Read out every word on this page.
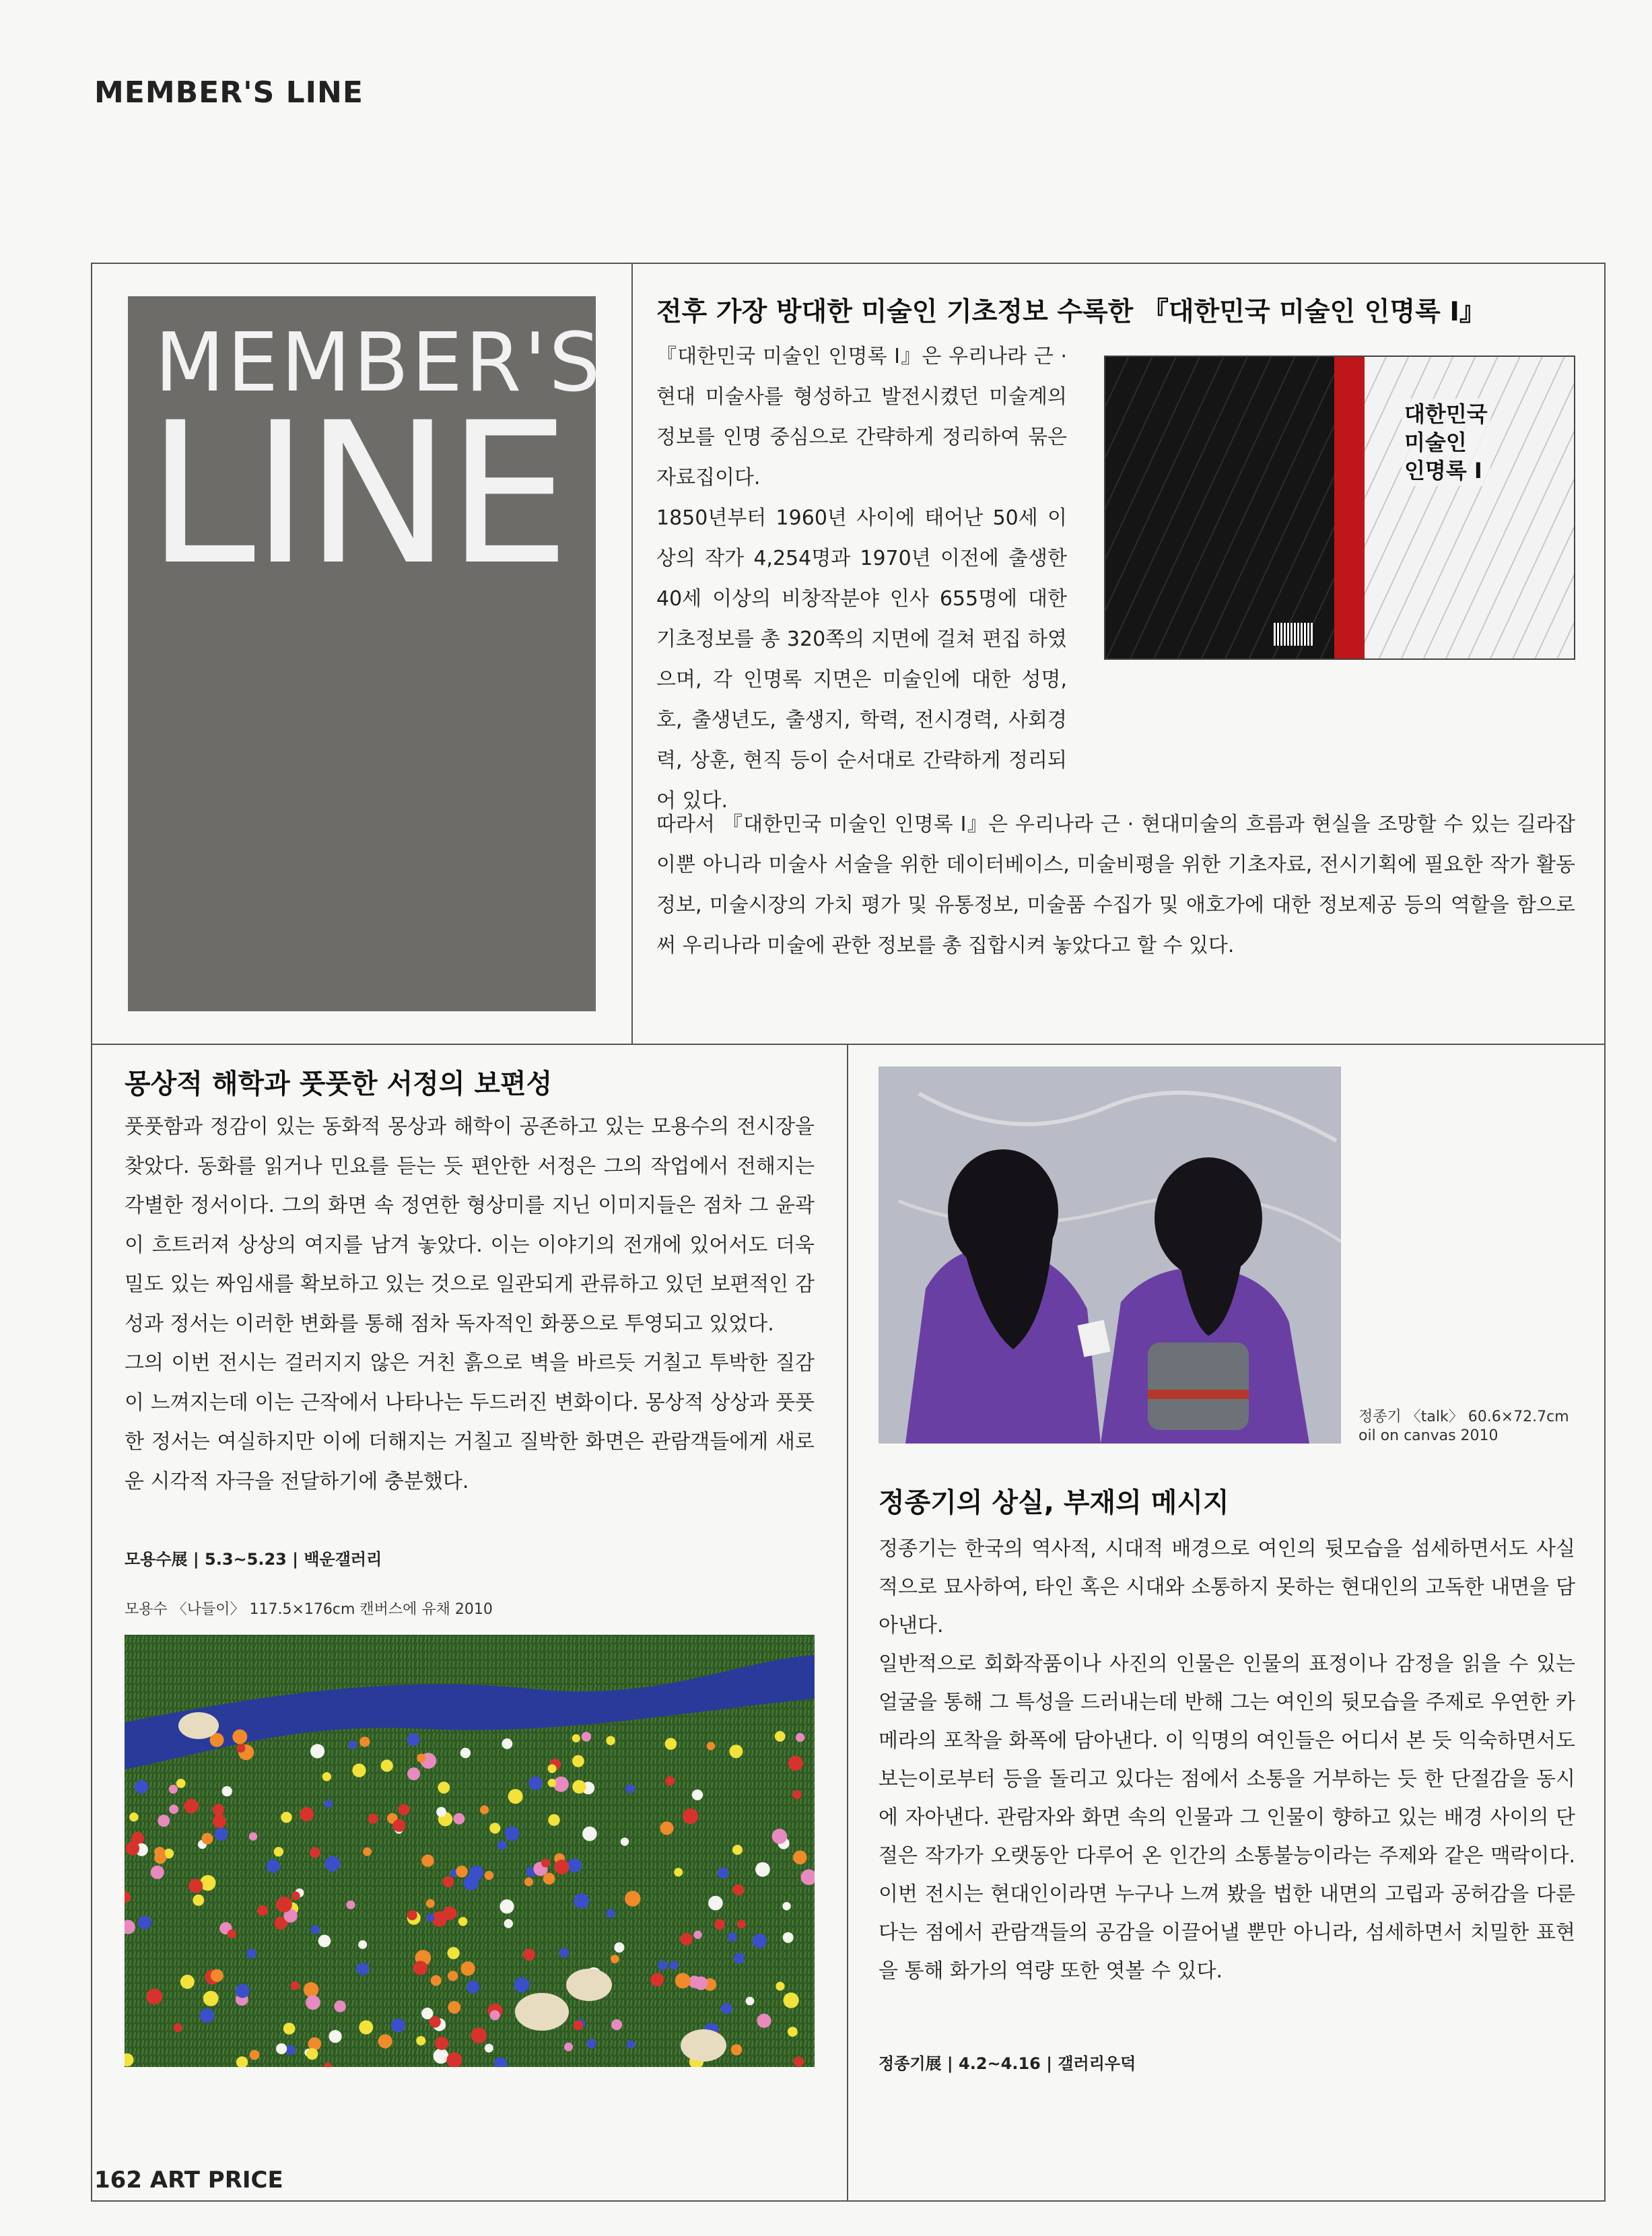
MEMBER'S LINE
MEMBER'S
LINE
전후 가장 방대한 미술인 기초정보 수록한 『대한민국 미술인 인명록 Ⅰ』

『대한민국 미술인 인명록 Ⅰ』은 우리나라 근 · 현대 미술사를 형성하고 발전시켰던 미술계의 정보를 인명 중심으로 간략하게 정리하여 묶은 자료집이다.

1850년부터 1960년 사이에 태어난 50세 이상의 작가 4,254명과 1970년 이전에 출생한 40세 이상의 비창작분야 인사 655명에 대한 기초정보를 총 320쪽의 지면에 걸쳐 편집 하였으며, 각 인명록 지면은 미술인에 대한 성명, 호, 출생년도, 출생지, 학력, 전시경력, 사회경력, 상훈, 현직 등이 순서대로 간략하게 정리되어 있다.

따라서 『대한민국 미술인 인명록 Ⅰ』은 우리나라 근 · 현대미술의 흐름과 현실을 조망할 수 있는 길라잡이뿐 아니라 미술사 서술을 위한 데이터베이스, 미술비평을 위한 기초자료, 전시기획에 필요한 작가 활동정보, 미술시장의 가치 평가 및 유통정보, 미술품 수집가 및 애호가에 대한 정보제공 등의 역할을 함으로써 우리나라 미술에 관한 정보를 총 집합시켜 놓았다고 할 수 있다.

대한민국
미술인
인명록 Ⅰ
몽상적 해학과 풋풋한 서정의 보편성

풋풋함과 정감이 있는 동화적 몽상과 해학이 공존하고 있는 모용수의 전시장을 찾았다. 동화를 읽거나 민요를 듣는 듯 편안한 서정은 그의 작업에서 전해지는 각별한 정서이다. 그의 화면 속 정연한 형상미를 지닌 이미지들은 점차 그 윤곽이 흐트러져 상상의 여지를 남겨 놓았다. 이는 이야기의 전개에 있어서도 더욱 밀도 있는 짜임새를 확보하고 있는 것으로 일관되게 관류하고 있던 보편적인 감성과 정서는 이러한 변화를 통해 점차 독자적인 화풍으로 투영되고 있었다.

그의 이번 전시는 걸러지지 않은 거친 흙으로 벽을 바르듯 거칠고 투박한 질감이 느껴지는데 이는 근작에서 나타나는 두드러진 변화이다. 몽상적 상상과 풋풋한 정서는 여실하지만 이에 더해지는 거칠고 질박한 화면은 관람객들에게 새로운 시각적 자극을 전달하기에 충분했다.

모용수展 | 5.3~5.23 | 백운갤러리
모용수 〈나들이〉 117.5×176cm 캔버스에 유채 2010
정종기 〈talk〉 60.6×72.7cm
oil on canvas 2010
정종기의 상실, 부재의 메시지

정종기는 한국의 역사적, 시대적 배경으로 여인의 뒷모습을 섬세하면서도 사실적으로 묘사하여, 타인 혹은 시대와 소통하지 못하는 현대인의 고독한 내면을 담아낸다.

일반적으로 회화작품이나 사진의 인물은 인물의 표정이나 감정을 읽을 수 있는 얼굴을 통해 그 특성을 드러내는데 반해 그는 여인의 뒷모습을 주제로 우연한 카메라의 포착을 화폭에 담아낸다. 이 익명의 여인들은 어디서 본 듯 익숙하면서도 보는이로부터 등을 돌리고 있다는 점에서 소통을 거부하는 듯 한 단절감을 동시에 자아낸다. 관람자와 화면 속의 인물과 그 인물이 향하고 있는 배경 사이의 단절은 작가가 오랫동안 다루어 온 인간의 소통불능이라는 주제와 같은 맥락이다. 이번 전시는 현대인이라면 누구나 느껴 봤을 법한 내면의 고립과 공허감을 다룬다는 점에서 관람객들의 공감을 이끌어낼 뿐만 아니라, 섬세하면서 치밀한 표현을 통해 화가의 역량 또한 엿볼 수 있다.

정종기展 | 4.2~4.16 | 갤러리우덕
162 ART PRICE
